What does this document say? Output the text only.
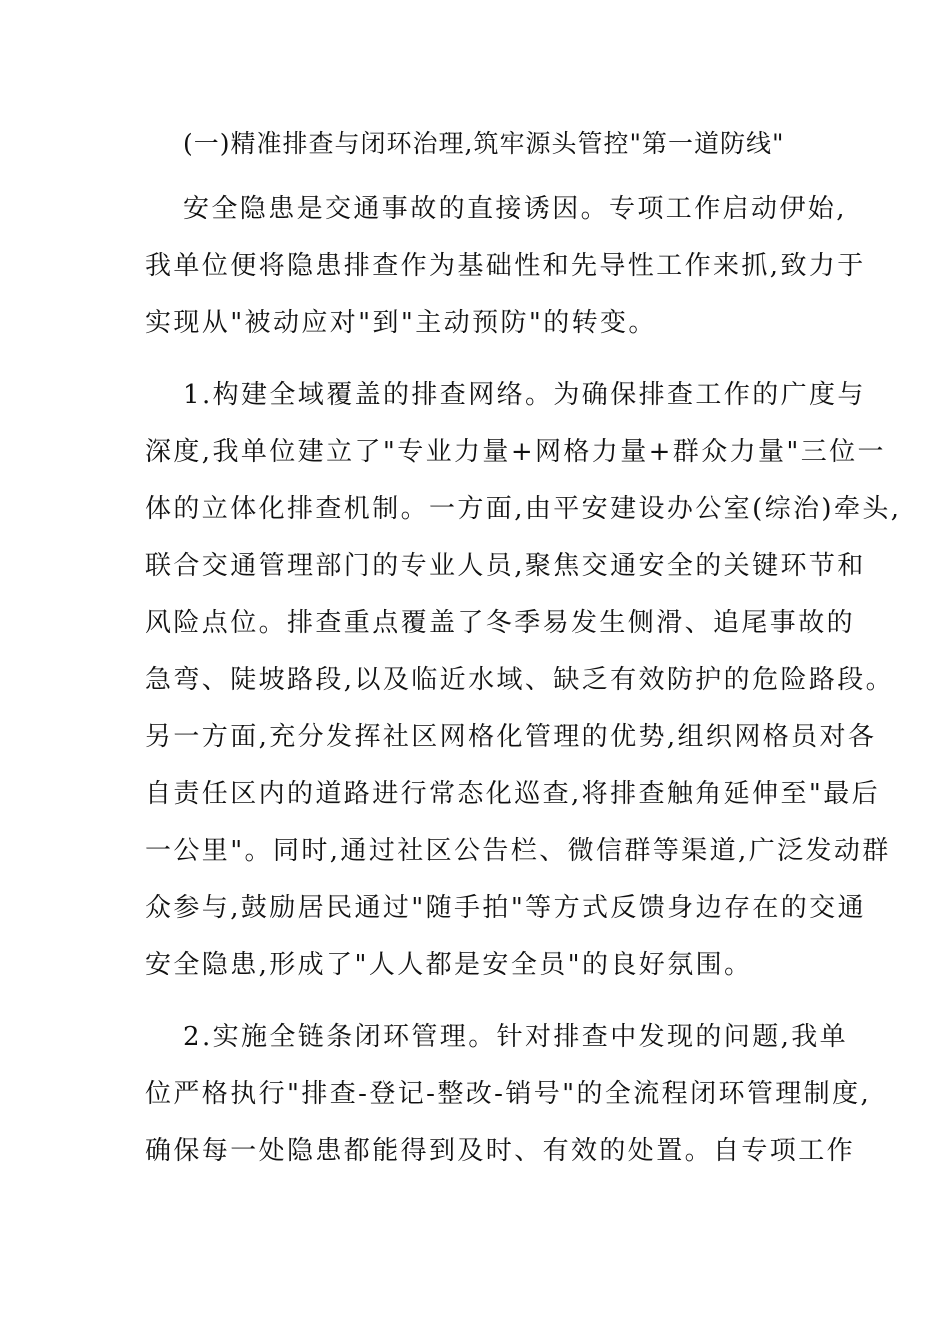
(一)精准排查与闭环治理,筑牢源头管控"第一道防线"
安全隐患是交通事故的直接诱因。专项工作启动伊始,
我单位便将隐患排查作为基础性和先导性工作来抓,致力于
实现从"被动应对"到"主动预防"的转变。
1.构建全域覆盖的排查网络。为确保排查工作的广度与
深度,我单位建立了"专业力量+网格力量+群众力量"三位一
体的立体化排查机制。一方面,由平安建设办公室(综治)牵头,
联合交通管理部门的专业人员,聚焦交通安全的关键环节和
风险点位。排查重点覆盖了冬季易发生侧滑、追尾事故的
急弯、陡坡路段,以及临近水域、缺乏有效防护的危险路段。
另一方面,充分发挥社区网格化管理的优势,组织网格员对各
自责任区内的道路进行常态化巡查,将排查触角延伸至"最后
一公里"。同时,通过社区公告栏、微信群等渠道,广泛发动群
众参与,鼓励居民通过"随手拍"等方式反馈身边存在的交通
安全隐患,形成了"人人都是安全员"的良好氛围。
2.实施全链条闭环管理。针对排查中发现的问题,我单
位严格执行"排查-登记-整改-销号"的全流程闭环管理制度,
确保每一处隐患都能得到及时、有效的处置。自专项工作
